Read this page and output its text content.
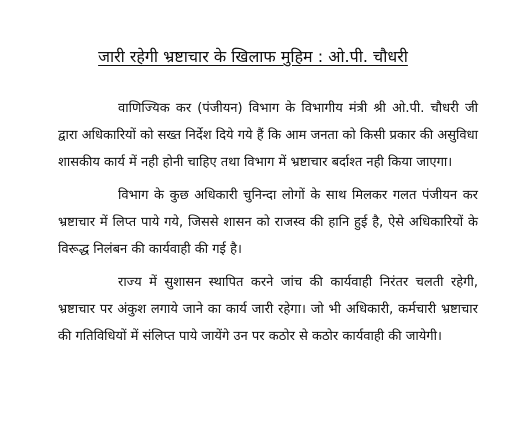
जारी रहेगी भ्रष्टाचार के खिलाफ मुहिम : ओ.पी. चौधरी

वाणिज्यिक कर (पंजीयन) विभाग के विभागीय मंत्री श्री ओ.पी. चौधरी जी द्वारा अधिकारियों को सख्त निर्देश दिये गये हैं कि आम जनता को किसी प्रकार की असुविधा शासकीय कार्य में नही होनी चाहिए तथा विभाग में भ्रष्टाचार बर्दाश्त नही किया जाएगा।

विभाग के कुछ अधिकारी चुनिन्दा लोगों के साथ मिलकर गलत पंजीयन कर भ्रष्टाचार में लिप्त पाये गये, जिससे शासन को राजस्व की हानि हुई है, ऐसे अधिकारियों के विरूद्ध निलंबन की कार्यवाही की गई है।

राज्य में सुशासन स्थापित करने जांच की कार्यवाही निरंतर चलती रहेगी, भ्रष्टाचार पर अंकुश लगाये जाने का कार्य जारी रहेगा। जो भी अधिकारी, कर्मचारी भ्रष्टाचार की गतिविधियों में संलिप्त पाये जायेंगे उन पर कठोर से कठोर कार्यवाही की जायेगी।
